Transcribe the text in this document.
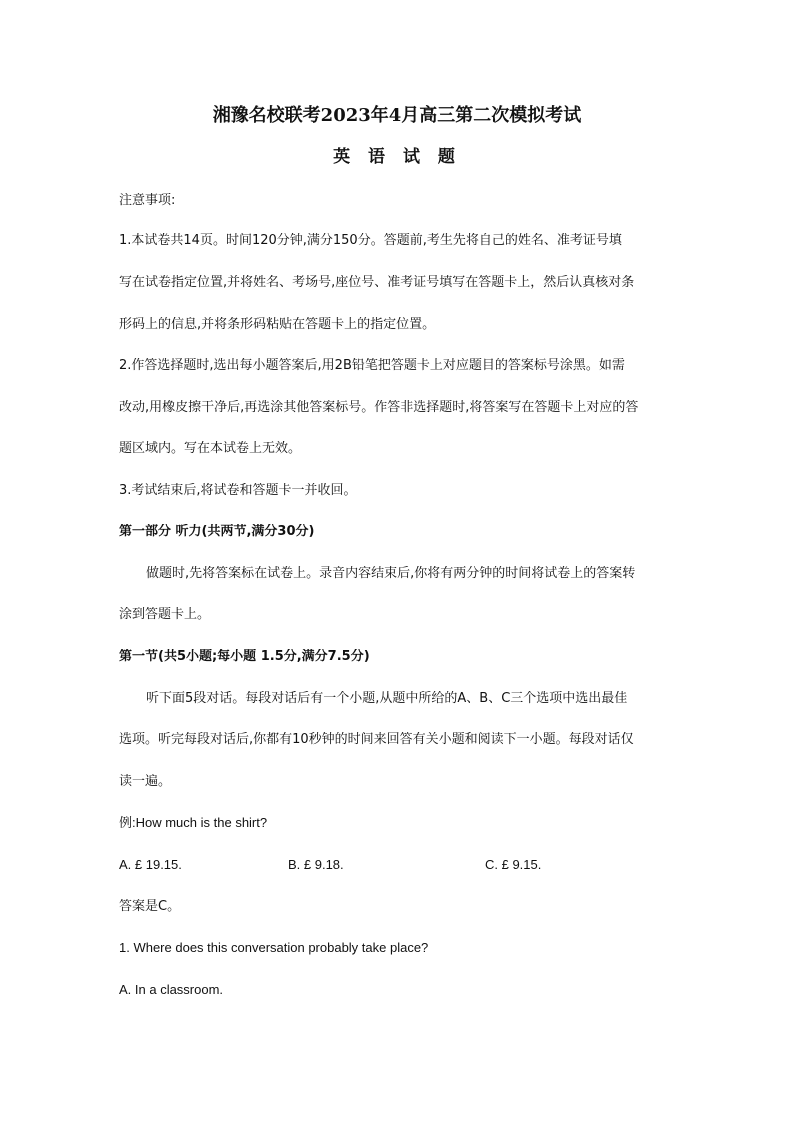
湘豫名校联考2023年4月高三第二次模拟考试
英 语 试 题
注意事项:
1.本试卷共14页。时间120分钟,满分150分。答题前,考生先将自己的姓名、准考证号填
写在试卷指定位置,并将姓名、考场号,座位号、准考证号填写在答题卡上，然后认真核对条
形码上的信息,并将条形码粘贴在答题卡上的指定位置。
2.作答选择题时,选出每小题答案后,用2B铅笔把答题卡上对应题目的答案标号涂黑。如需
改动,用橡皮擦干净后,再选涂其他答案标号。作答非选择题时,将答案写在答题卡上对应的答
题区域内。写在本试卷上无效。
3.考试结束后,将试卷和答题卡一并收回。
第一部分 听力(共两节,满分30分)
做题时,先将答案标在试卷上。录音内容结束后,你将有两分钟的时间将试卷上的答案转
涂到答题卡上。
第一节(共5小题;每小题 1.5分,满分7.5分)
听下面5段对话。每段对话后有一个小题,从题中所给的A、B、C三个选项中选出最佳
选项。听完每段对话后,你都有10秒钟的时间来回答有关小题和阅读下一小题。每段对话仅
读一遍。
例:How much is the shirt?
A. £ 19.15.	B. £ 9.18.	C. £ 9.15.
答案是C。
1. Where does this conversation probably take place?
A. In a classroom.
